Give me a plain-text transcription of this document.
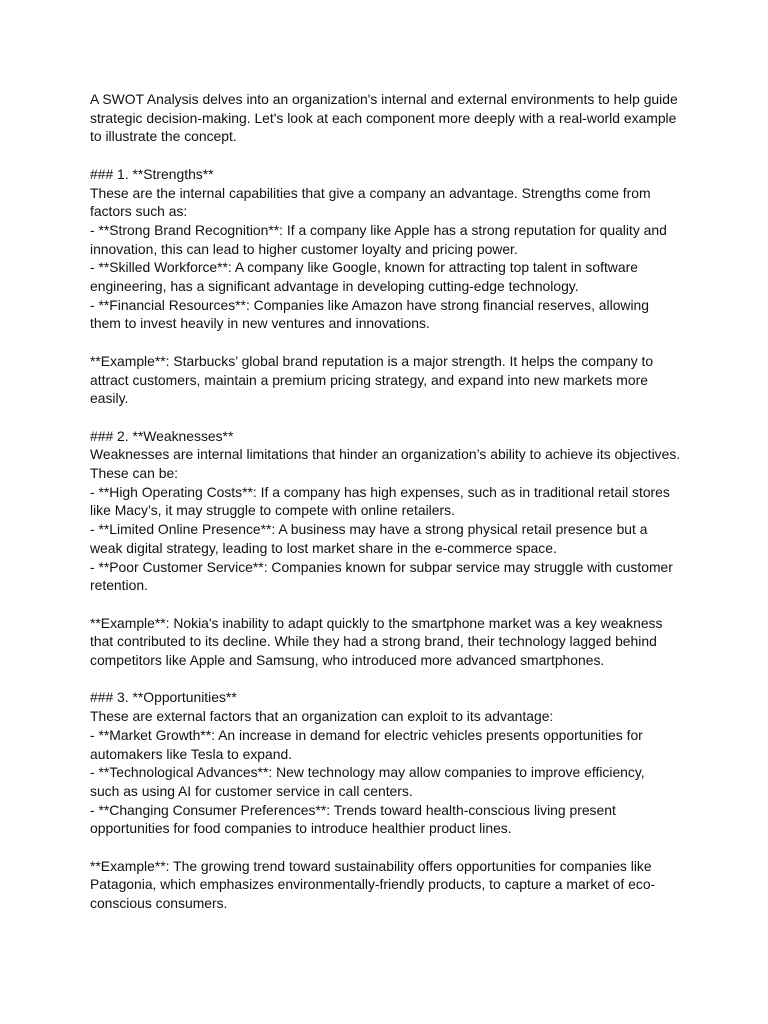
A SWOT Analysis delves into an organization's internal and external environments to help guide
strategic decision-making. Let's look at each component more deeply with a real-world example
to illustrate the concept.

### 1. **Strengths**
These are the internal capabilities that give a company an advantage. Strengths come from
factors such as:
- **Strong Brand Recognition**: If a company like Apple has a strong reputation for quality and
innovation, this can lead to higher customer loyalty and pricing power.
- **Skilled Workforce**: A company like Google, known for attracting top talent in software
engineering, has a significant advantage in developing cutting-edge technology.
- **Financial Resources**: Companies like Amazon have strong financial reserves, allowing
them to invest heavily in new ventures and innovations.

**Example**: Starbucks’ global brand reputation is a major strength. It helps the company to
attract customers, maintain a premium pricing strategy, and expand into new markets more
easily.

### 2. **Weaknesses**
Weaknesses are internal limitations that hinder an organization’s ability to achieve its objectives.
These can be:
- **High Operating Costs**: If a company has high expenses, such as in traditional retail stores
like Macy’s, it may struggle to compete with online retailers.
- **Limited Online Presence**: A business may have a strong physical retail presence but a
weak digital strategy, leading to lost market share in the e-commerce space.
- **Poor Customer Service**: Companies known for subpar service may struggle with customer
retention.

**Example**: Nokia's inability to adapt quickly to the smartphone market was a key weakness
that contributed to its decline. While they had a strong brand, their technology lagged behind
competitors like Apple and Samsung, who introduced more advanced smartphones.

### 3. **Opportunities**
These are external factors that an organization can exploit to its advantage:
- **Market Growth**: An increase in demand for electric vehicles presents opportunities for
automakers like Tesla to expand.
- **Technological Advances**: New technology may allow companies to improve efficiency,
such as using AI for customer service in call centers.
- **Changing Consumer Preferences**: Trends toward health-conscious living present
opportunities for food companies to introduce healthier product lines.

**Example**: The growing trend toward sustainability offers opportunities for companies like
Patagonia, which emphasizes environmentally-friendly products, to capture a market of eco-
conscious consumers.
